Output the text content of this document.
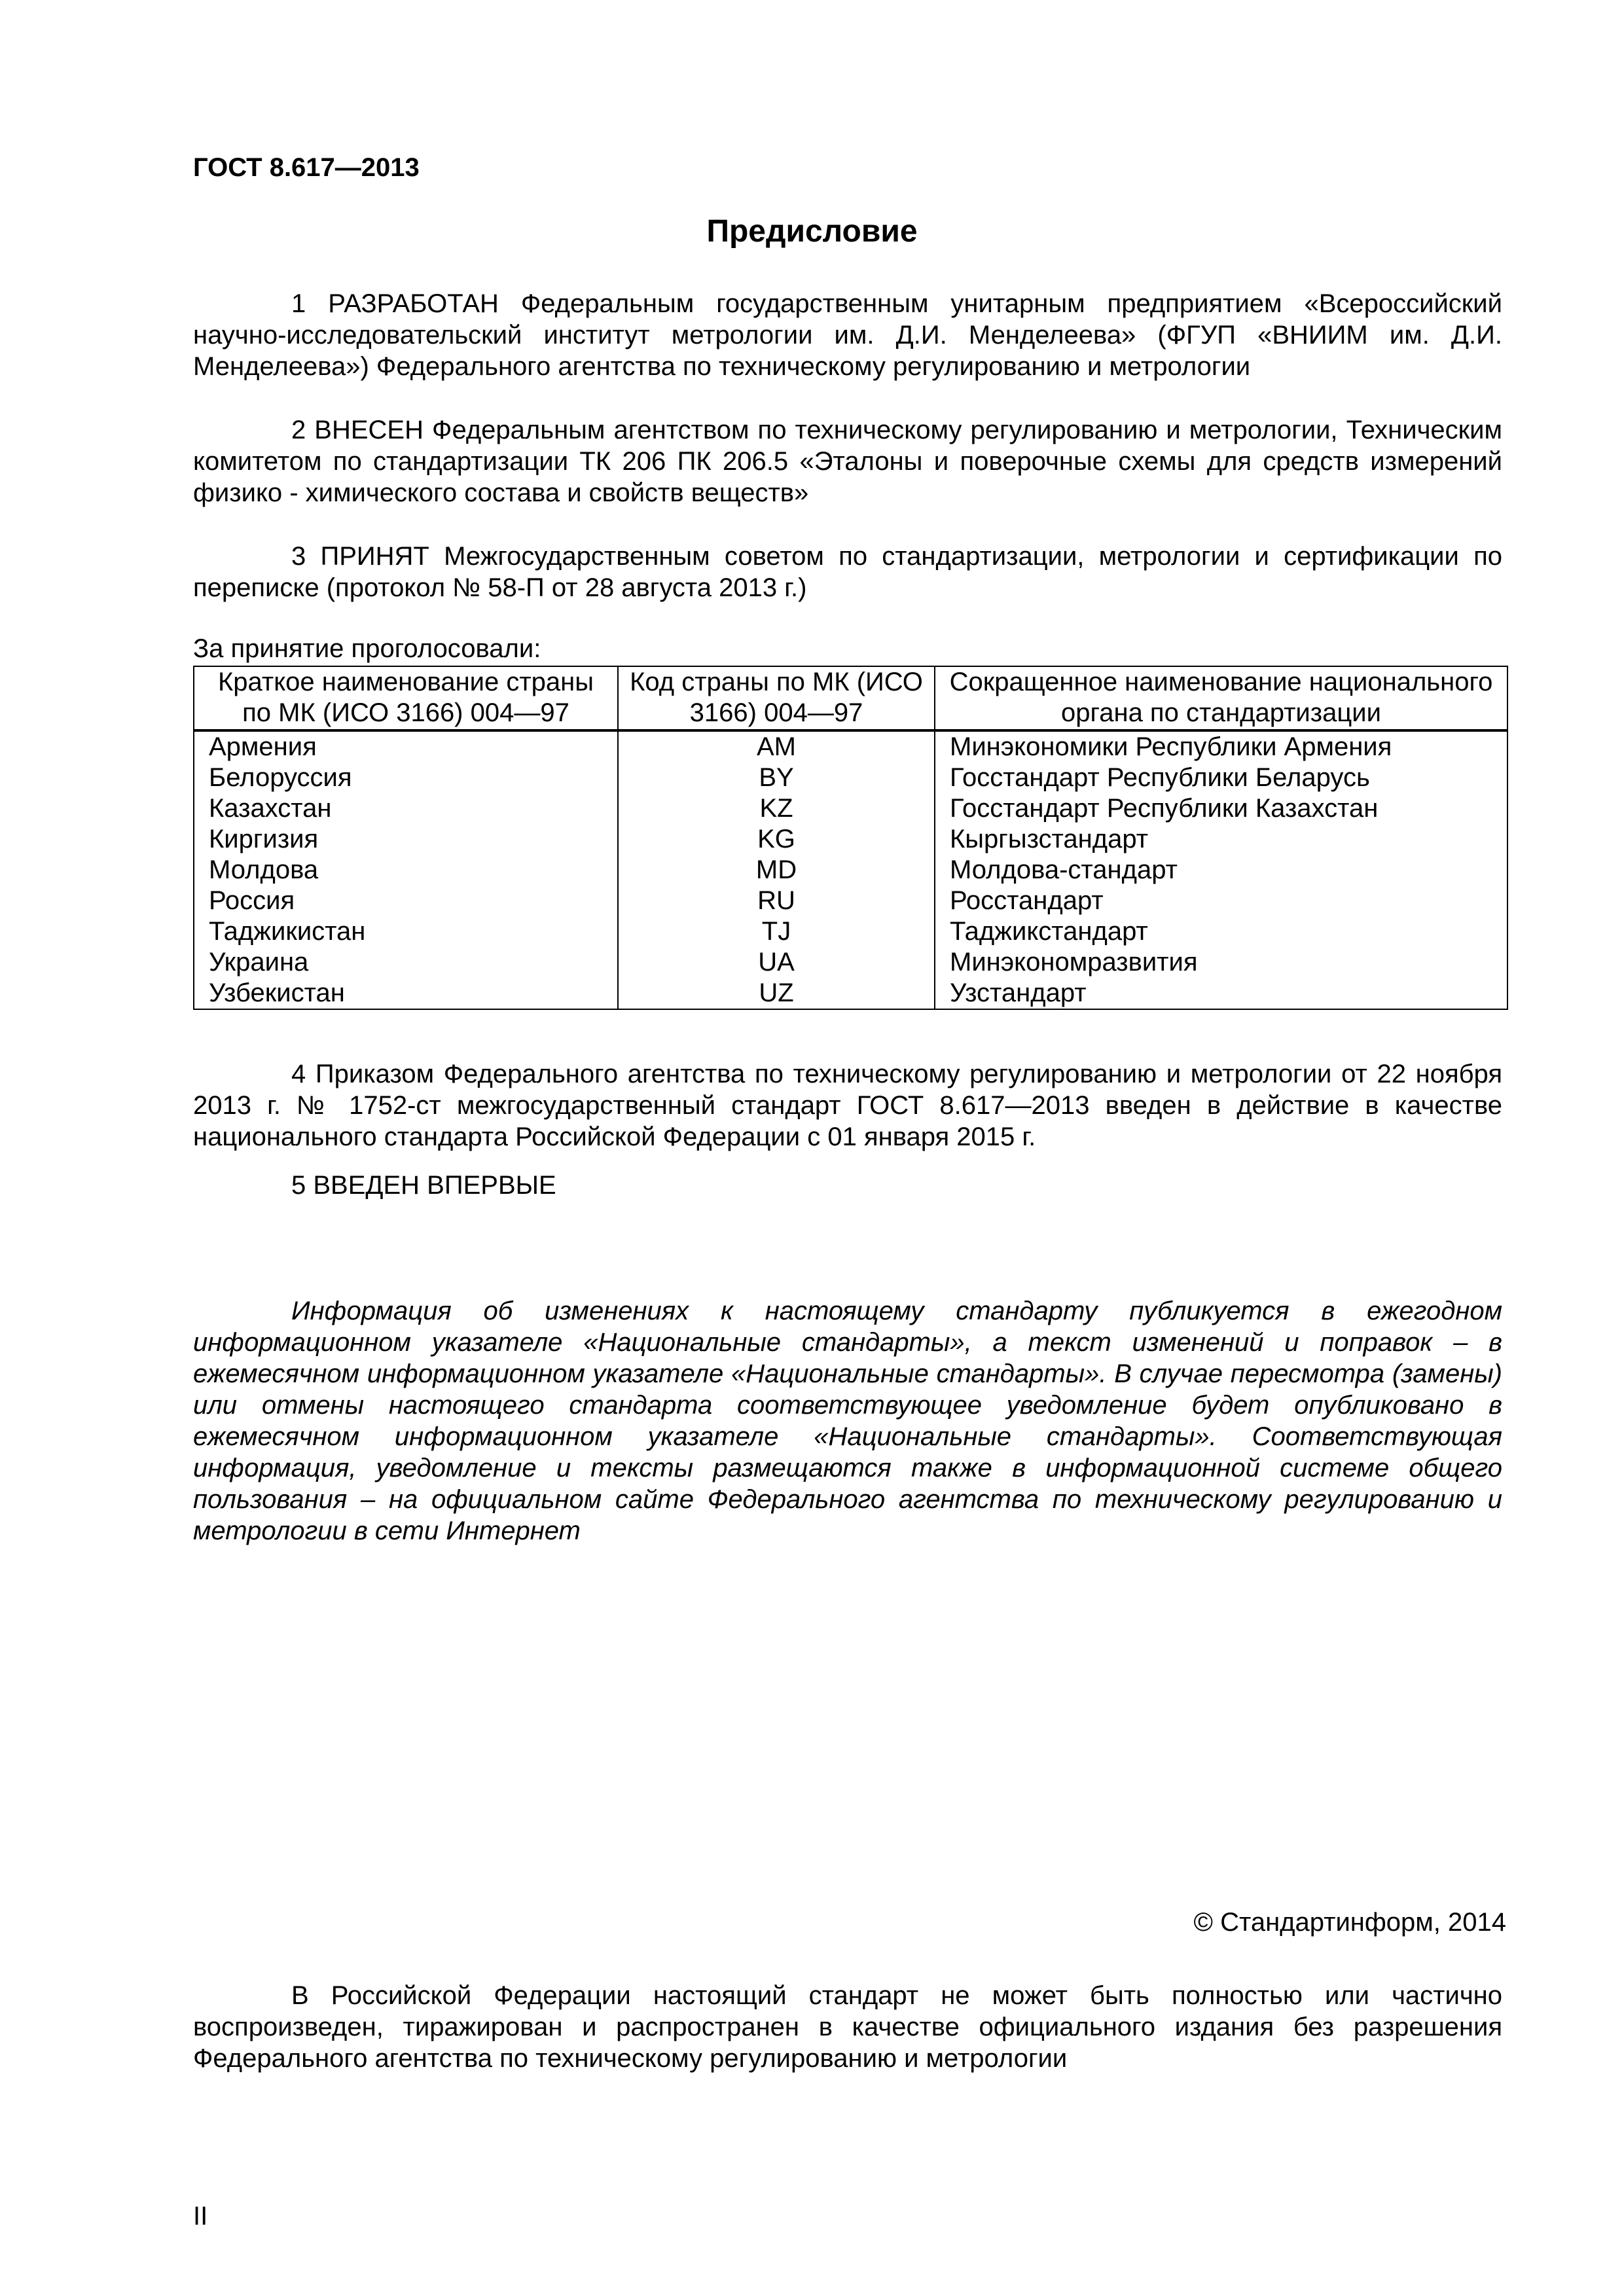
ГОСТ 8.617—2013
Предисловие

1 РАЗРАБОТАН Федеральным государственным унитарным предприятием «Всероссийский научно-исследовательский институт метрологии им. Д.И. Менделеева» (ФГУП «ВНИИМ им. Д.И. Менделеева») Федерального агентства по техническому регулированию и метрологии

2 ВНЕСЕН Федеральным агентством по техническому регулированию и метрологии, Техническим комитетом по стандартизации ТК 206 ПК 206.5 «Эталоны и поверочные схемы для средств измерений физико - химического состава и свойств веществ»

3 ПРИНЯТ Межгосударственным советом по стандартизации, метрологии и сертификации по переписке (протокол № 58-П от 28 августа 2013 г.)

За принятие проголосовали:
Краткое наименование страны по МК (ИСО 3166) 004—97	Код страны по МК (ИСО 3166) 004—97	Сокращенное наименование национального органа по стандартизации
Армения	AM	Минэкономики Республики Армения
Белоруссия	BY	Госстандарт Республики Беларусь
Казахстан	KZ	Госстандарт Республики Казахстан
Киргизия	KG	Кыргызстандарт
Молдова	MD	Молдова-стандарт
Россия	RU	Росстандарт
Таджикистан	TJ	Таджикстандарт
Украина	UA	Минэкономразвития
Узбекистан	UZ	Узстандарт

4 Приказом Федерального агентства по техническому регулированию и метрологии от 22 ноября 2013 г. № 1752-ст межгосударственный стандарт ГОСТ 8.617—2013 введен в действие в качестве национального стандарта Российской Федерации с 01 января 2015 г.

5 ВВЕДЕН ВПЕРВЫЕ

Информация об изменениях к настоящему стандарту публикуется в ежегодном информационном указателе «Национальные стандарты», а текст изменений и поправок – в ежемесячном информационном указателе «Национальные стандарты». В случае пересмотра (замены) или отмены настоящего стандарта соответствующее уведомление будет опубликовано в ежемесячном информационном указателе «Национальные стандарты». Соответствующая информация, уведомление и тексты размещаются также в информационной системе общего пользования – на официальном сайте Федерального агентства по техническому регулированию и метрологии в сети Интернет

© Стандартинформ, 2014

В Российской Федерации настоящий стандарт не может быть полностью или частично воспроизведен, тиражирован и распространен в качестве официального издания без разрешения Федерального агентства по техническому регулированию и метрологии

II
